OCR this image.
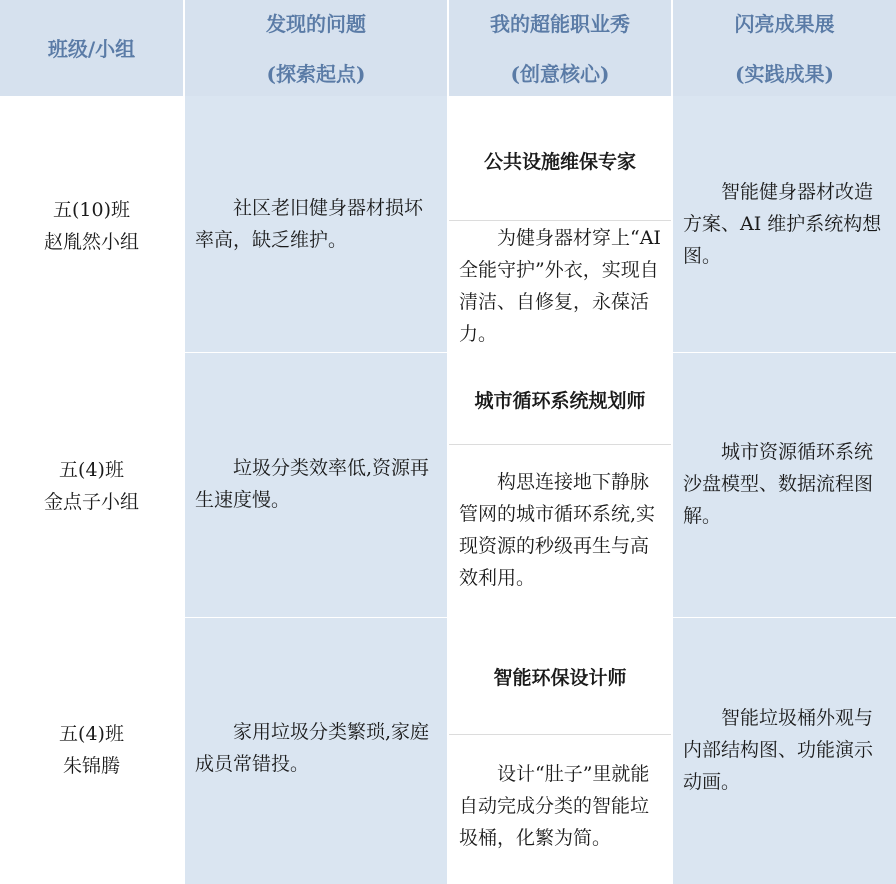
班级/小组
发现的问题
(探索起点)
我的超能职业秀
(创意核心)
闪亮成果展
(实践成果)
五(10)班
赵胤然小组

社区老旧健身器材损坏率高，缺乏维护。

公共设施维保专家

为健身器材穿上“AI 全能守护”外衣，实现自清洁、自修复，永葆活力。

智能健身器材改造方案、AI 维护系统构想图。

五(4)班
金点子小组

垃圾分类效率低,资源再生速度慢。

城市循环系统规划师

构思连接地下静脉管网的城市循环系统,实现资源的秒级再生与高效利用。

城市资源循环系统沙盘模型、数据流程图解。

五(4)班
朱锦腾

家用垃圾分类繁琐,家庭成员常错投。

智能环保设计师

设计“肚子”里就能自动完成分类的智能垃圾桶，化繁为简。

智能垃圾桶外观与内部结构图、功能演示动画。
